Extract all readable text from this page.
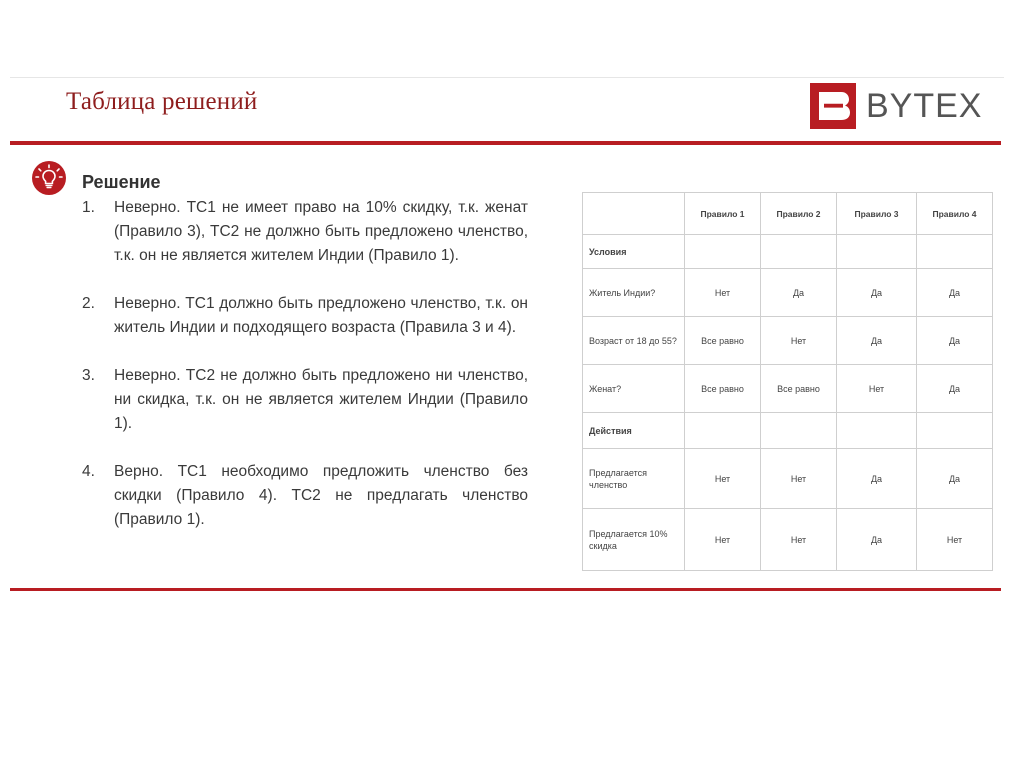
Таблица решений	BYTEX
Решение
1.	Неверно. TC1 не имеет право на 10% скидку, т.к. женат (Правило 3), TC2 не должно быть предложено членство, т.к. он не является жителем Индии (Правило 1).
2.	Неверно. TC1 должно быть предложено членство, т.к. он житель Индии и подходящего возраста (Правила 3 и 4).
3.	Неверно. TC2 не должно быть предложено ни членство, ни скидка, т.к. он не является жителем Индии (Правило 1).
4.	Верно. TC1 необходимо предложить членство без скидки (Правило 4). TC2 не предлагать членство (Правило 1).
	Правило 1	Правило 2	Правило 3	Правило 4
Условия				
Житель Индии?	Нет	Да	Да	Да
Возраст от 18 до 55?	Все равно	Нет	Да	Да
Женат?	Все равно	Все равно	Нет	Да
Действия				
Предлагается членство	Нет	Нет	Да	Да
Предлагается 10% скидка	Нет	Нет	Да	Нет
